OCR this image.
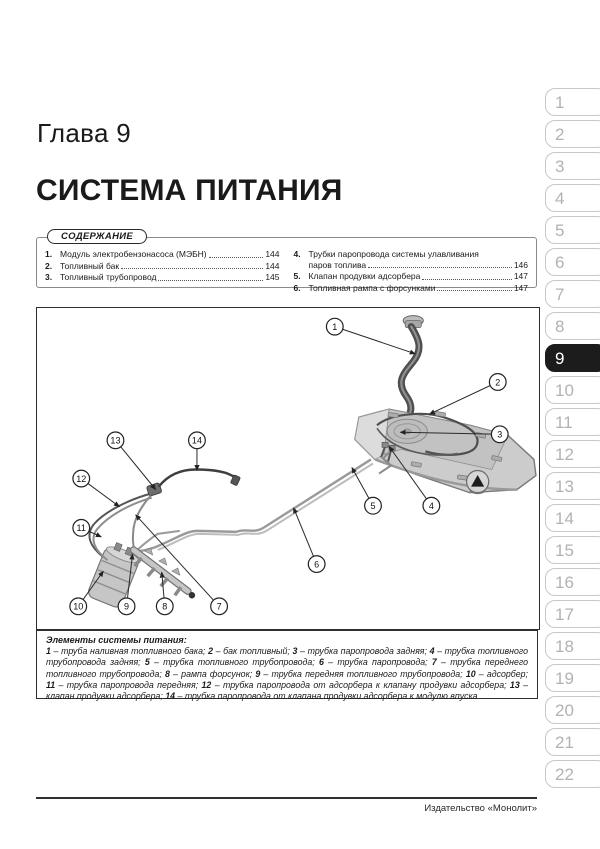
Глава 9
СИСТЕМА ПИТАНИЯ
СОДЕРЖАНИЕ
1. Модуль электробензонасоса (МЭБН)	144
2. Топливный бак	144
3. Топливный трубопровод	145
4. Трубки паропровода системы улавливания
паров топлива	146
5. Клапан продувки адсорбера	147
6. Топливная рампа с форсунками	147
1
2
3
4
5
6
7
8
9
10
11
12
13	14
Элементы системы питания:
1 – труба наливная топливного бака; 2 – бак топливный; 3 – трубка паропровода задняя; 4 – трубка топливного трубопровода задняя; 5 – трубка топливного трубопровода; 6 – трубка паропровода; 7 – трубка переднего топливного трубопровода; 8 – рампа форсунок; 9 – трубка передняя топливного трубопровода; 10 – адсорбер; 11 – трубка паропровода передняя; 12 – трубка паропровода от адсорбера к клапану продувки адсорбера; 13 – клапан продувки адсорбера; 14 – трубка паропровода от клапана продувки адсорбера к модулю впуска
1
2
3
4
5
6
7
8
9
10
11
12
13
14
15
16
17
18
19
20
21
22
Издательство «Монолит»
